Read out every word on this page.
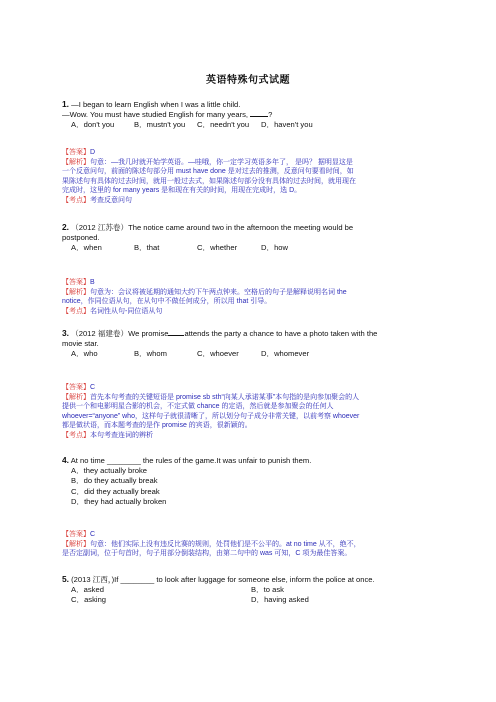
英语特殊句式试题
1. —I began to learn English when I was a little child.
—Wow. You must have studied English for many years, ?
A．don't you	B．mustn't you	C．needn't you	D．haven't you
【答案】D
【解析】句意：—我几时就开始学英语。—哇哦，你一定学习英语多年了， 是吗？ 据明显这是
一个反意问句，前面的陈述句部分用 must have done 是对过去的推测，反意问句要看时间，如
果陈述句有具体的过去时间，就用一般过去式，如果陈述句部分没有具体的过去时间，就用现在
完成时，这里的 for many years 是和现在有关的时间，用现在完成时，选 D。
【考点】考查反意问句
2. （2012 江苏卷）The notice came around two in the afternoon the meeting would be
postponed.
A．when	B．that	C．whether	D．how
【答案】B
【解析】句意为：会议将被延期的通知大约下午两点钟来。空格后的句子是解释说明名词 the
notice，作同位语从句，在从句中不做任何成分，所以用 that 引导。
【考点】名词性从句-同位语从句
3. （2012 福建卷）We promise attends the party a chance to have a photo taken with the
movie star.
A．who	B．whom	C．whoever	D．whomever
【答案】C
【解析】首先本句考查的关键短语是 promise sb sth“向某人承诺某事”本句指的是向参加聚会的人
提供一个和电影明星合影的机会，不定式做 chance 的定语，然后就是参加聚会的任何人
whoever=“anyone” who，这样句子就很清晰了，所以划分句子成分非常关键，以前考察 whoever
都是做状语，而本题考查的是作 promise 的宾语，很新颖的。
【考点】本句考查连词的辨析
4. At no time ________ the rules of the game.It was unfair to punish them.
A．they actually broke
B．do they actually break
C．did they actually break
D．they had actually broken
【答案】C
【解析】句意：他们实际上没有违反比赛的规则，处罚他们是不公平的。at no time 从不，绝不，
是否定副词，位于句首时，句子用部分倒装结构，由第二句中的 was 可知，C 项为最佳答案。
5. (2013 江西，)If ________ to look after luggage for someone else, inform the police at once.
A．asked	B．to ask
C．asking	D．having asked
